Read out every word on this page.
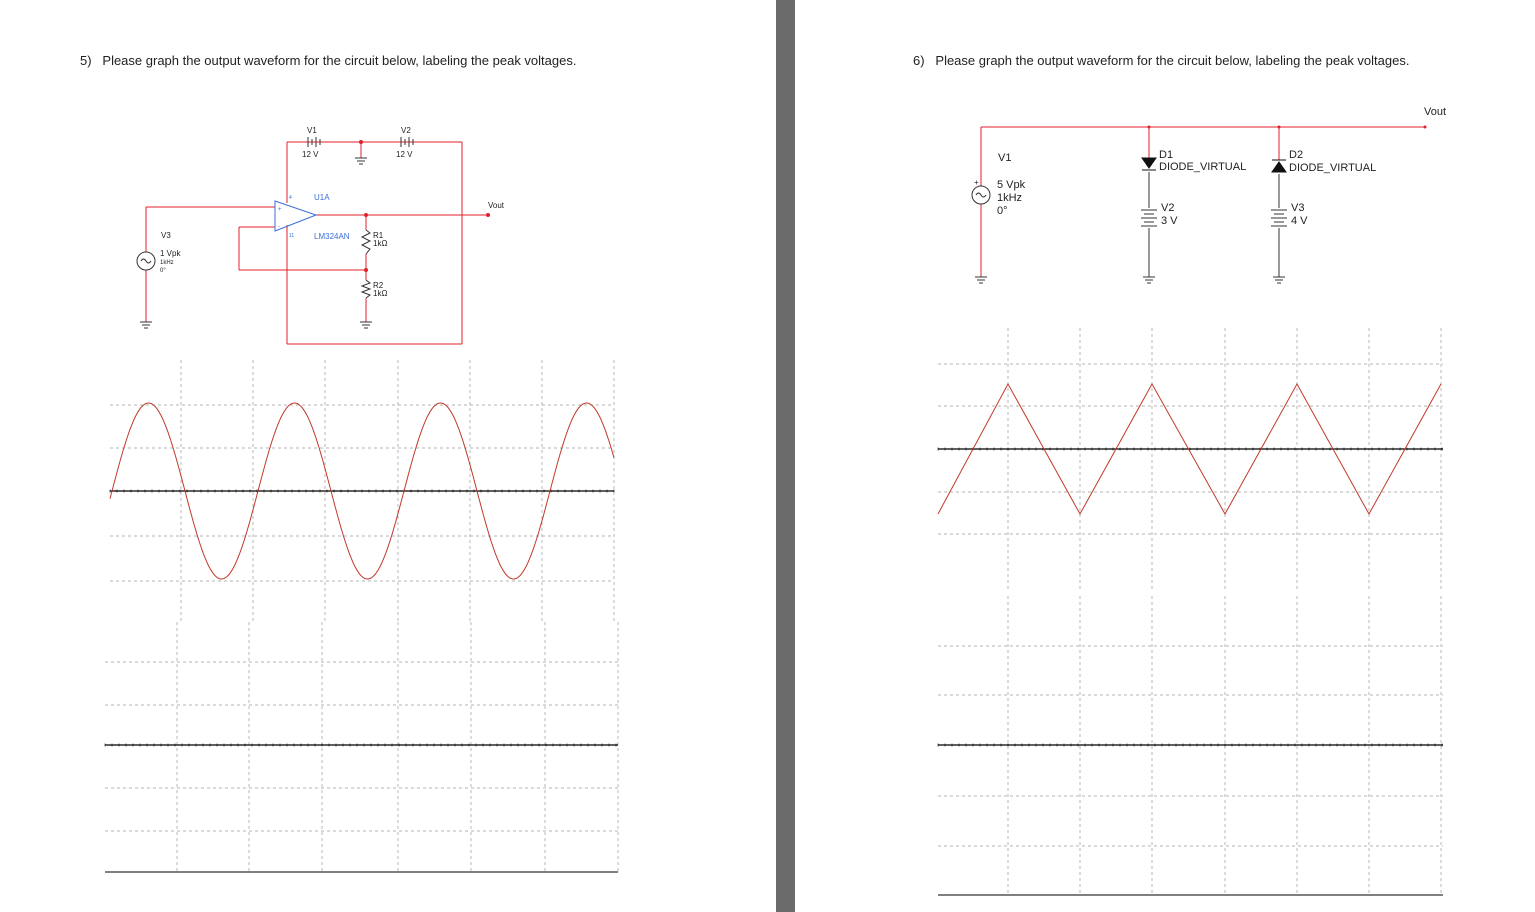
5)   Please graph the output waveform for the circuit below, labeling the peak voltages.
V1
12 V
V2
12 V
U1A
LM324AN
4
11
+
-
R1
1kΩ
R2
1kΩ
V3
1 Vpk
1kHz
0°
Vout
6)   Please graph the output waveform for the circuit below, labeling the peak voltages.
+
Vout
V1
5 Vpk
1kHz
0°
D1
DIODE_VIRTUAL
D2
DIODE_VIRTUAL
V2
3 V
V3
4 V
